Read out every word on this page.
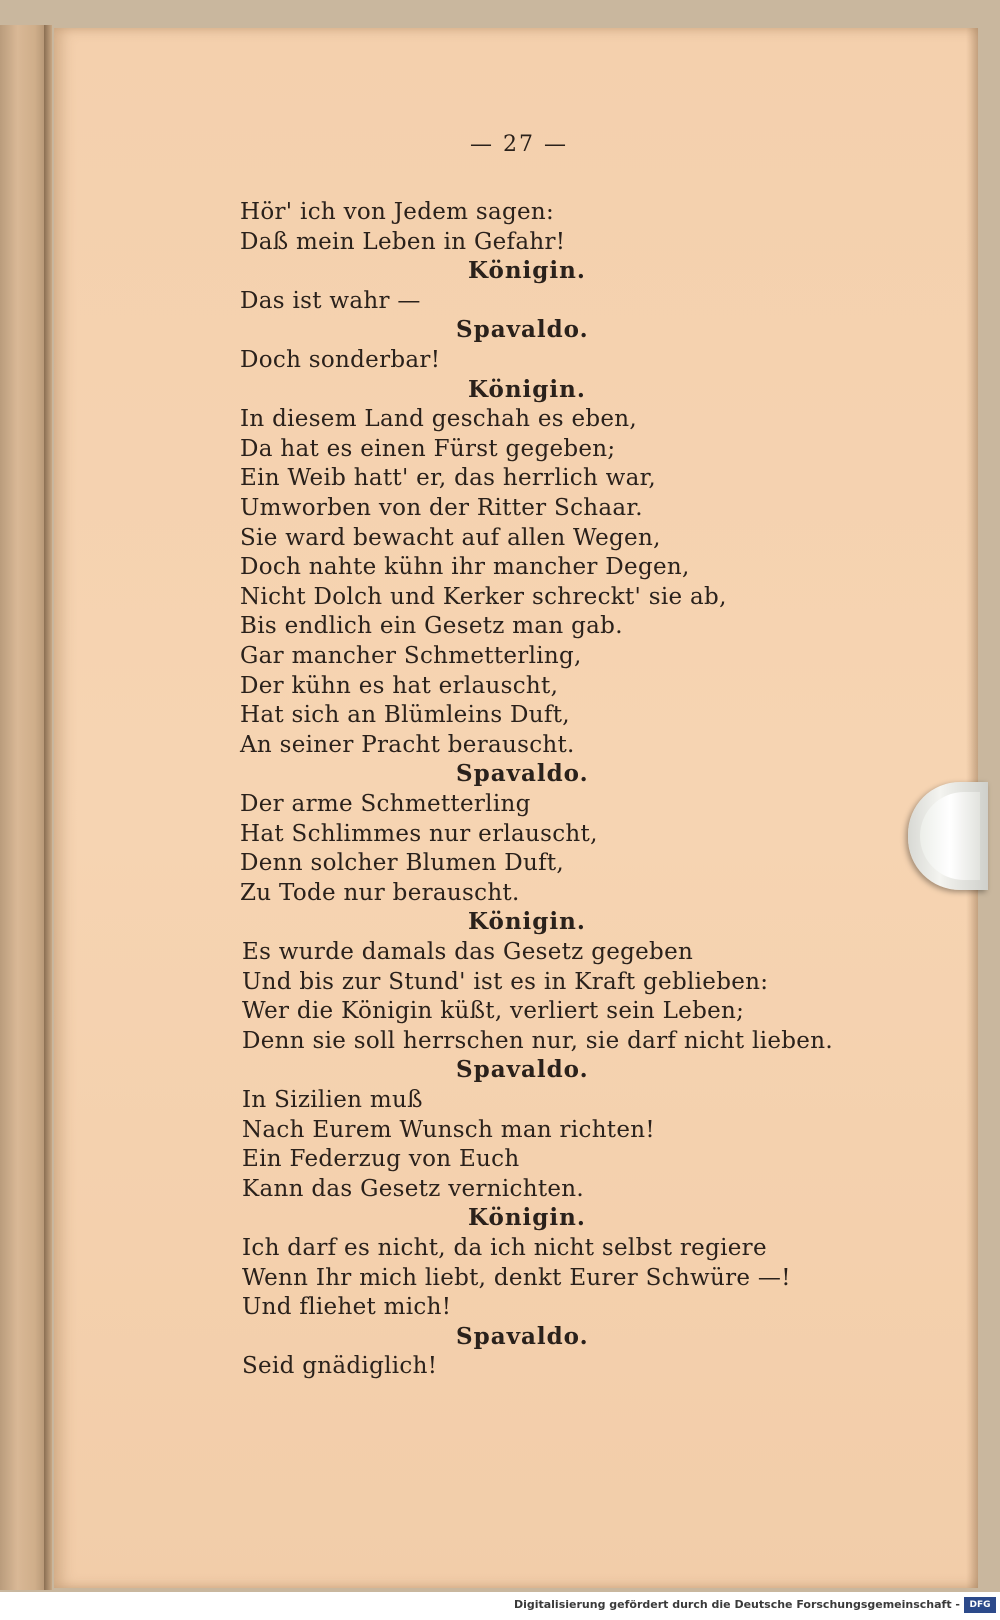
— 27 —
Hör' ich von Jedem sagen:
Daß mein Leben in Gefahr!
Königin.
Das ist wahr —
Spavaldo.
Doch sonderbar!
Königin.
In diesem Land geschah es eben,
Da hat es einen Fürst gegeben;
Ein Weib hatt' er, das herrlich war,
Umworben von der Ritter Schaar.
Sie ward bewacht auf allen Wegen,
Doch nahte kühn ihr mancher Degen,
Nicht Dolch und Kerker schreckt' sie ab,
Bis endlich ein Gesetz man gab.
Gar mancher Schmetterling,
Der kühn es hat erlauscht,
Hat sich an Blümleins Duft,
An seiner Pracht berauscht.
Spavaldo.
Der arme Schmetterling
Hat Schlimmes nur erlauscht,
Denn solcher Blumen Duft,
Zu Tode nur berauscht.
Königin.
Es wurde damals das Gesetz gegeben
Und bis zur Stund' ist es in Kraft geblieben:
Wer die Königin küßt, verliert sein Leben;
Denn sie soll herrschen nur, sie darf nicht lieben.
Spavaldo.
In Sizilien muß
Nach Eurem Wunsch man richten!
Ein Federzug von Euch
Kann das Gesetz vernichten.
Königin.
Ich darf es nicht, da ich nicht selbst regiere
Wenn Ihr mich liebt, denkt Eurer Schwüre —!
Und fliehet mich!
Spavaldo.
Seid gnädiglich!
Digitalisierung gefördert durch die Deutsche Forschungsgemeinschaft -	DFG
